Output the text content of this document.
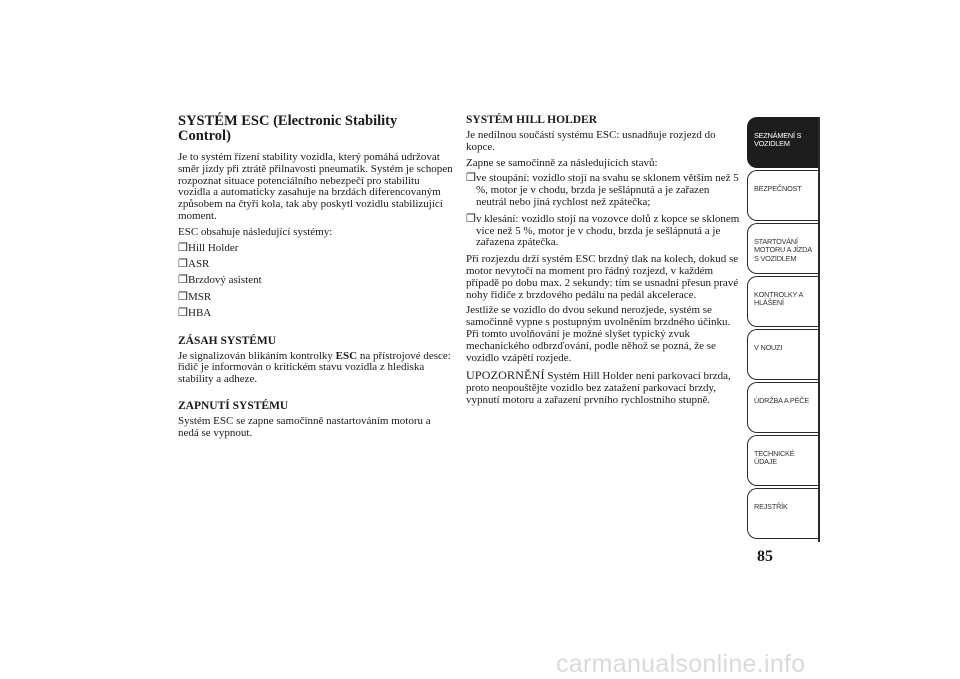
SYSTÉM ESC (Electronic Stability Control)

Je to systém řízení stability vozidla, který pomáhá udržovat směr jízdy při ztrátě přilnavosti pneumatik. Systém je schopen rozpoznat situace potenciálního nebezpečí pro stabilitu vozidla a automaticky zasahuje na brzdách diferencovaným způsobem na čtyři kola, tak aby poskytl vozidlu stabilizující moment.

ESC obsahuje následující systémy:

❒ Hill Holder
❒ ASR
❒ Brzdový asistent
❒ MSR
❒ HBA
ZÁSAH SYSTÉMU

Je signalizován blikáním kontrolky ESC na přístrojové desce: řidič je informován o kritickém stavu vozidla z hlediska stability a adheze.

ZAPNUTÍ SYSTÉMU

Systém ESC se zapne samočinně nastartováním motoru a nedá se vypnout.

SYSTÉM HILL HOLDER

Je nedílnou součástí systému ESC: usnadňuje rozjezd do kopce.

Zapne se samočinně za následujících stavů:

❒ ve stoupání: vozidlo stojí na svahu se sklonem větším než 5 %, motor je v chodu, brzda je sešlápnutá a je zařazen neutrál nebo jiná rychlost než zpátečka;
❒ v klesání: vozidlo stojí na vozovce dolů z kopce se sklonem více než 5 %, motor je v chodu, brzda je sešlápnutá a je zařazena zpátečka.

Při rozjezdu drží systém ESC brzdný tlak na kolech, dokud se motor nevytočí na moment pro řádný rozjezd, v každém případě po dobu max. 2 sekundy: tím se usnadní přesun pravé nohy řidiče z brzdového pedálu na pedál akcelerace.

Jestliže se vozidlo do dvou sekund nerozjede, systém se samočinně vypne s postupným uvolněním brzdného účinku. Při tomto uvolňování je možné slyšet typický zvuk mechanického odbrzďování, podle něhož se pozná, že se vozidlo vzápětí rozjede.

UPOZORNĚNÍ Systém Hill Holder není parkovací brzda, proto neopouštějte vozidlo bez zatažení parkovací brzdy, vypnutí motoru a zařazení prvního rychlostního stupně.

SEZNÁMENÍ S
VOZIDLEM
BEZPEČNOST
STARTOVÁNÍ
MOTORU A JÍZDA
S VOZIDLEM
KONTROLKY A
HLÁŠENÍ
V NOUZI
ÚDRŽBA A PÉČE
TECHNICKÉ
ÚDAJE
REJSTŘÍK
85
carmanualsonline.info
